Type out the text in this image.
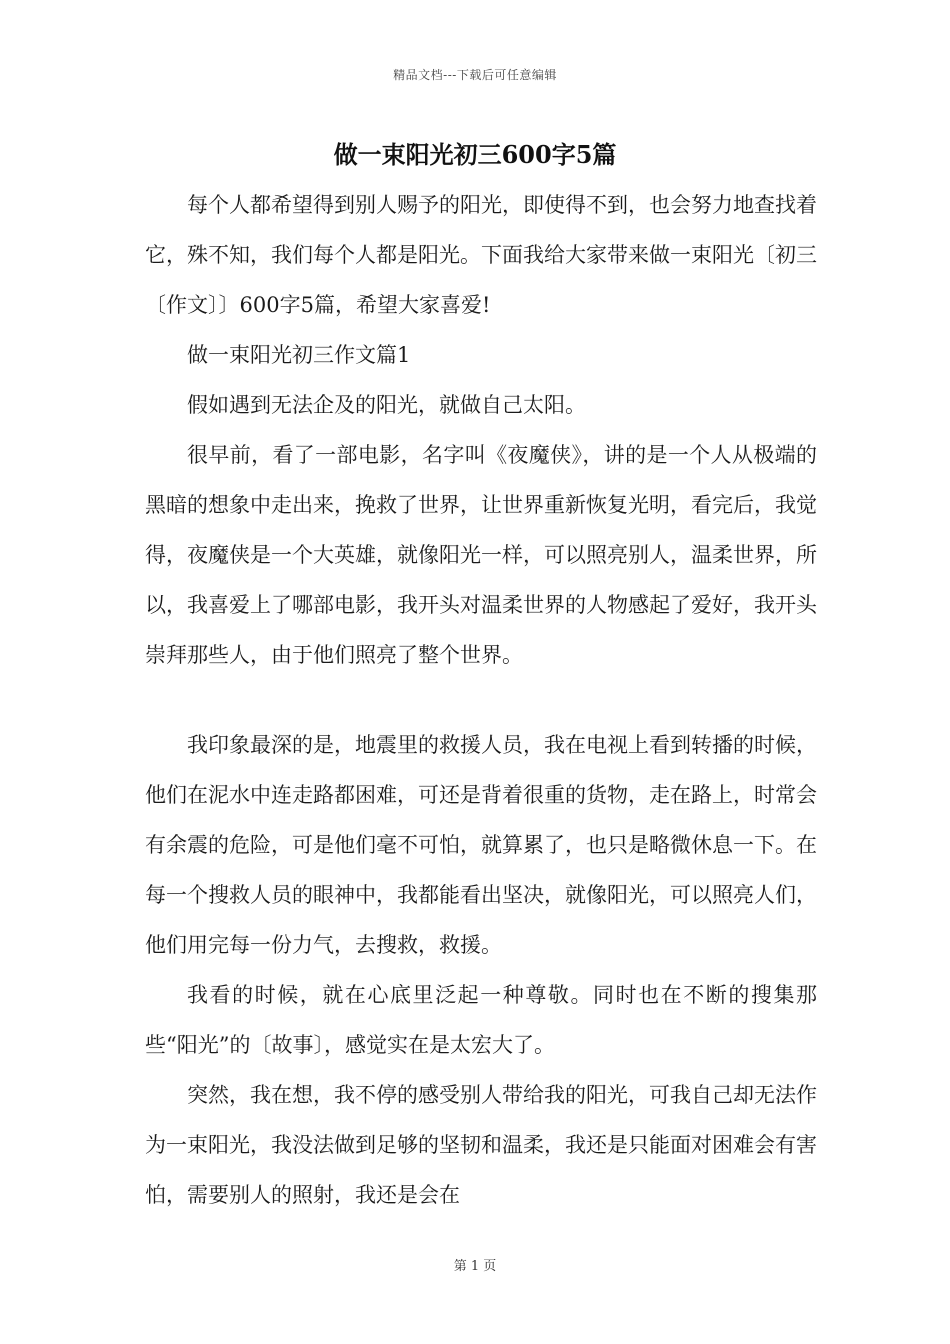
精品文档---下载后可任意编辑
做一束阳光初三600字5篇

每个人都希望得到别人赐予的阳光，即使得不到，也会努力地查找着它，殊不知，我们每个人都是阳光。下面我给大家带来做一束阳光〔初三〔作文〕〕600字5篇，希望大家喜爱!

做一束阳光初三作文篇1

假如遇到无法企及的阳光，就做自己太阳。

很早前，看了一部电影，名字叫《夜魔侠》，讲的是一个人从极端的黑暗的想象中走出来，挽救了世界，让世界重新恢复光明，看完后，我觉得，夜魔侠是一个大英雄，就像阳光一样，可以照亮别人，温柔世界，所以，我喜爱上了哪部电影，我开头对温柔世界的人物感起了爱好，我开头崇拜那些人，由于他们照亮了整个世界。

我印象最深的是，地震里的救援人员，我在电视上看到转播的时候，他们在泥水中连走路都困难，可还是背着很重的货物，走在路上，时常会有余震的危险，可是他们毫不可怕，就算累了，也只是略微休息一下。在每一个搜救人员的眼神中，我都能看出坚决，就像阳光，可以照亮人们，他们用完每一份力气，去搜救，救援。

我看的时候，就在心底里泛起一种尊敬。同时也在不断的搜集那些“阳光”的〔故事〕，感觉实在是太宏大了。

突然，我在想，我不停的感受别人带给我的阳光，可我自己却无法作为一束阳光，我没法做到足够的坚韧和温柔，我还是只能面对困难会有害怕，需要别人的照射，我还是会在

第 1 页
